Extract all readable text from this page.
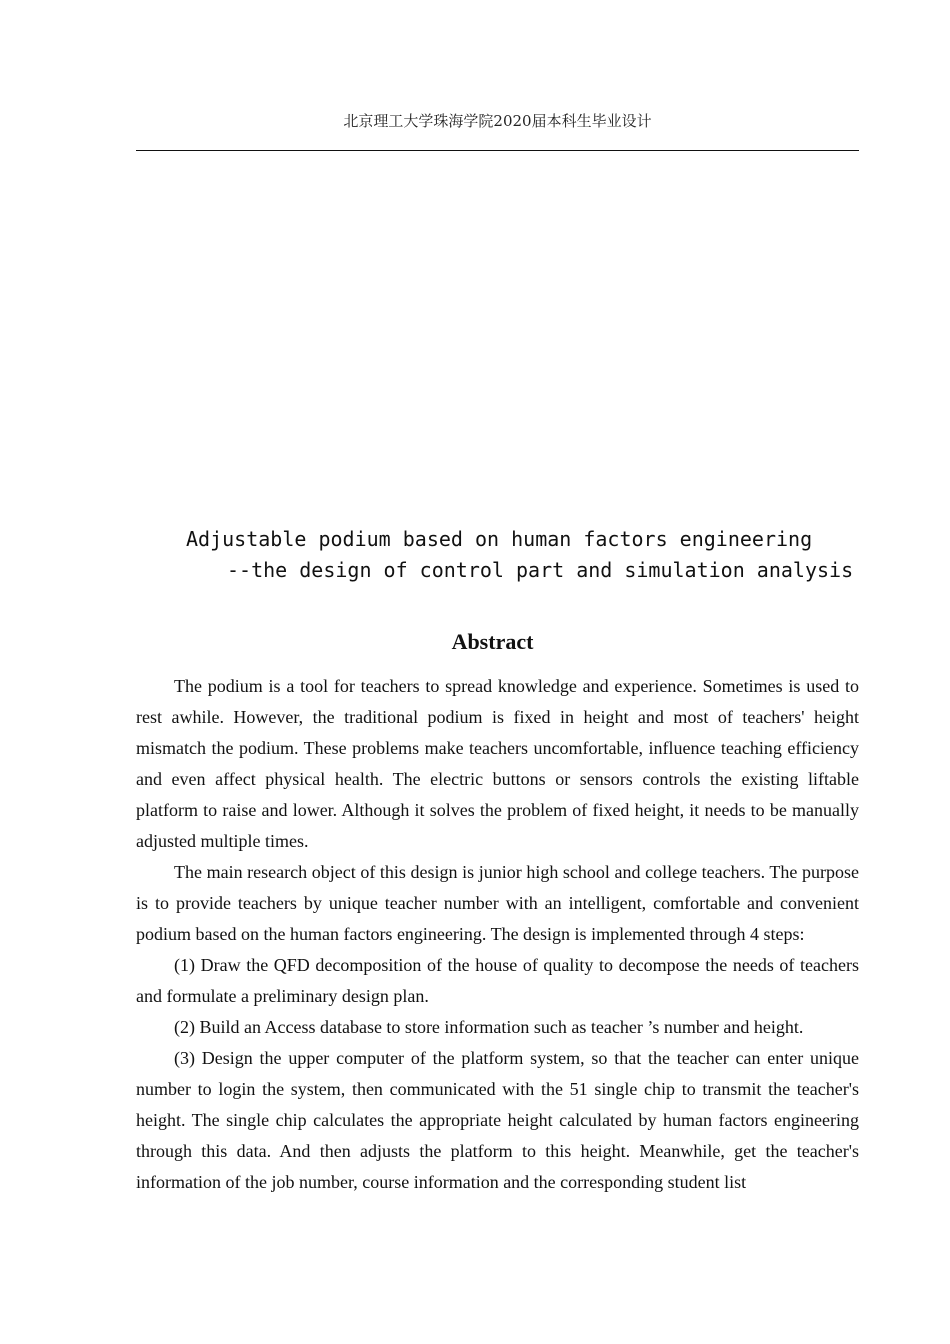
北京理工大学珠海学院2020届本科生毕业设计
Adjustable podium based on human factors engineering
--the design of control part and simulation analysis
Abstract

The podium is a tool for teachers to spread knowledge and experience. Sometimes is used to rest awhile. However, the traditional podium is fixed in height and most of teachers' height mismatch the podium. These problems make teachers uncomfortable, influence teaching efficiency and even affect physical health. The electric buttons or sensors controls the existing liftable platform to raise and lower. Although it solves the problem of fixed height, it needs to be manually adjusted multiple times.

The main research object of this design is junior high school and college teachers. The purpose is to provide teachers by unique teacher number with an intelligent, comfortable and convenient podium based on the human factors engineering. The design is implemented through 4 steps:

(1) Draw the QFD decomposition of the house of quality to decompose the needs of teachers and formulate a preliminary design plan.

(2) Build an Access database to store information such as teacher ’s number and height.

(3) Design the upper computer of the platform system, so that the teacher can enter unique number to login the system, then communicated with the 51 single chip to transmit the teacher's height. The single chip calculates the appropriate height calculated by human factors engineering through this data. And then adjusts the platform to this height. Meanwhile, get the teacher's information of the job number, course information and the corresponding student list
